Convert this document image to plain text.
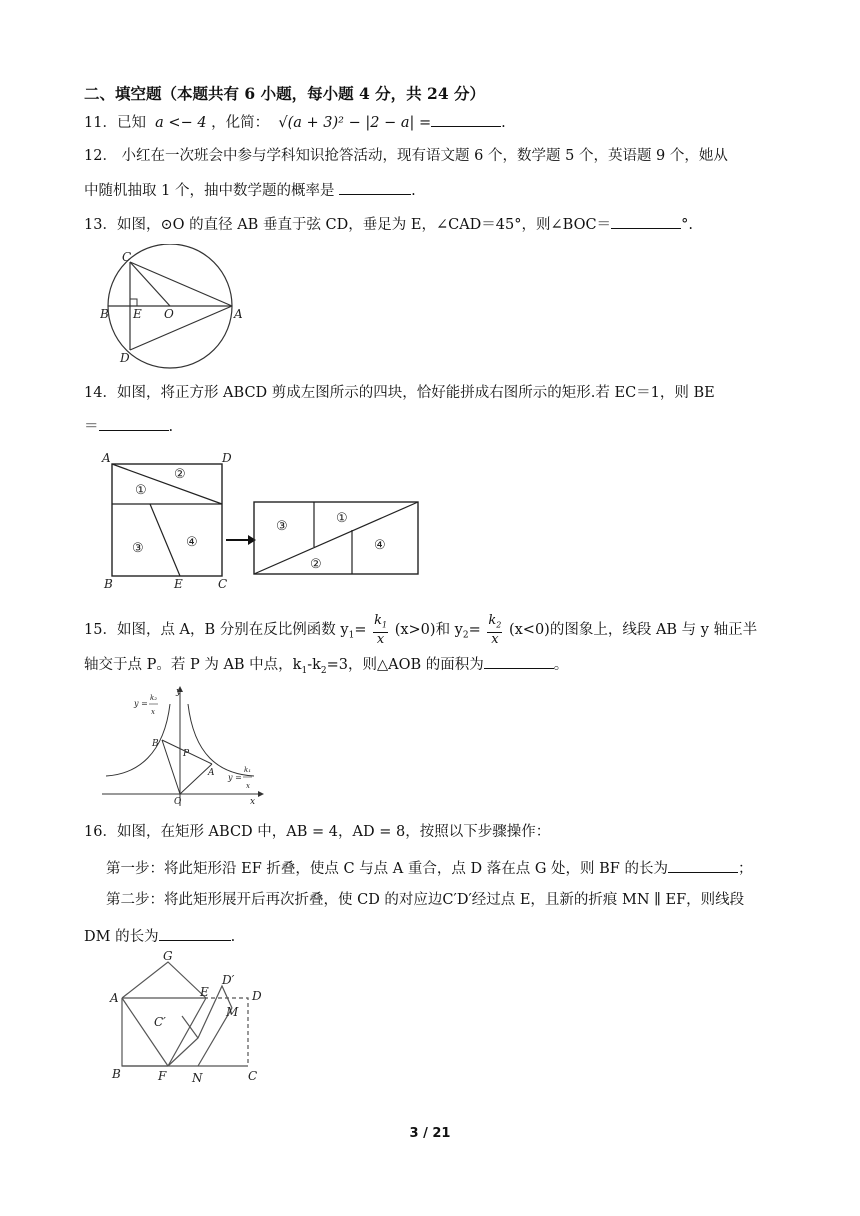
二、填空题（本题共有 6 小题，每小题 4 分，共 24 分）
11．已知 a <− 4 ，化简： √(a + 3)² − |2 − a| =	.
12． 小红在一次班会中参与学科知识抢答活动，现有语文题 6 个，数学题 5 个，英语题 9 个，她从
中随机抽取 1 个，抽中数学题的概率是	.
13．如图，⊙O 的直径 AB 垂直于弦 CD，垂足为 E，∠CAD＝45°，则∠BOC＝	°.
C
B E O	A
D
14．如图，将正方形 ABCD 剪成左图所示的四块，恰好能拼成右图所示的矩形.若 EC＝1，则 BE
＝	.
A	D
B	E	C
①
②
③	④
①
②
③
④
15．如图，点 A，B 分别在反比例函数 $y_1= \frac{k_1}{x} (x>0)$和 $y_2= \frac{k_2}{x} (x<0)$的图象上，线段 AB 与 y 轴正半
轴交于点 P。若 P 为 AB 中点，$k_1-k_2=3$，则△AOB 的面积为	。
y =
k₂
x
y =
k₁
x
y
B
P
A
O	x
16．如图，在矩形 ABCD 中，AB = 4，AD = 8，按照以下步骤操作：
第一步：将此矩形沿 EF 折叠，使点 C 与点 A 重合，点 D 落在点 G 处，则 BF 的长为	；
第二步：将此矩形展开后再次折叠，使 CD 的对应边C′D′经过点 E，且新的折痕 MN ∥ EF，则线段
DM 的长为	.
G
D′
A	E	D
M
C′
B	F N	C
3 / 21
